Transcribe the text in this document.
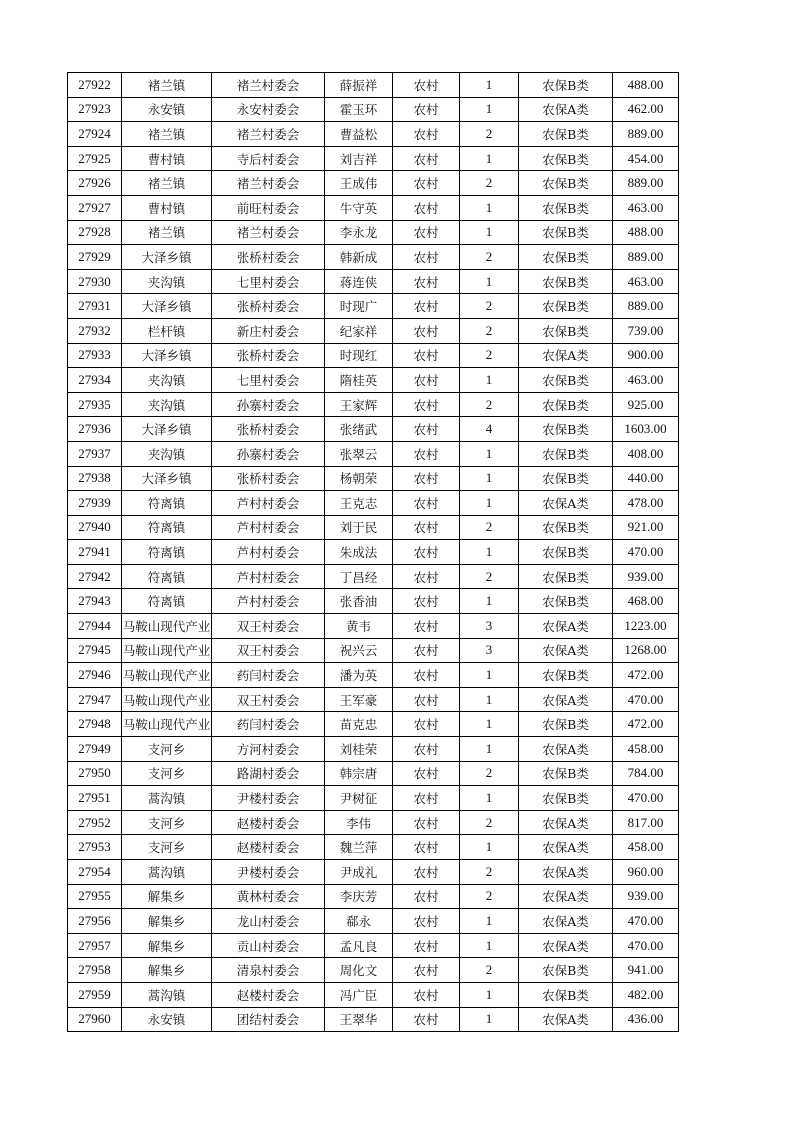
27922	褚兰镇	褚兰村委会	薛振祥	农村	1	农保B类	488.00

27923	永安镇	永安村委会	霍玉环	农村	1	农保A类	462.00

27924	褚兰镇	褚兰村委会	曹益松	农村	2	农保B类	889.00

27925	曹村镇	寺后村委会	刘吉祥	农村	1	农保B类	454.00

27926	褚兰镇	褚兰村委会	王成伟	农村	2	农保B类	889.00

27927	曹村镇	前旺村委会	牛守英	农村	1	农保B类	463.00

27928	褚兰镇	褚兰村委会	李永龙	农村	1	农保B类	488.00

27929	大泽乡镇	张桥村委会	韩新成	农村	2	农保B类	889.00

27930	夹沟镇	七里村委会	蒋连侠	农村	1	农保B类	463.00

27931	大泽乡镇	张桥村委会	时现广	农村	2	农保B类	889.00

27932	栏杆镇	新庄村委会	纪家祥	农村	2	农保B类	739.00

27933	大泽乡镇	张桥村委会	时现红	农村	2	农保A类	900.00

27934	夹沟镇	七里村委会	隋桂英	农村	1	农保B类	463.00

27935	夹沟镇	孙寨村委会	王家辉	农村	2	农保B类	925.00

27936	大泽乡镇	张桥村委会	张绪武	农村	4	农保B类	1603.00

27937	夹沟镇	孙寨村委会	张翠云	农村	1	农保B类	408.00

27938	大泽乡镇	张桥村委会	杨朝荣	农村	1	农保B类	440.00

27939	符离镇	芦村村委会	王克志	农村	1	农保A类	478.00

27940	符离镇	芦村村委会	刘于民	农村	2	农保B类	921.00

27941	符离镇	芦村村委会	朱成法	农村	1	农保B类	470.00

27942	符离镇	芦村村委会	丁昌经	农村	2	农保B类	939.00

27943	符离镇	芦村村委会	张香油	农村	1	农保B类	468.00

27944	马鞍山现代产业	双王村委会	黄韦	农村	3	农保A类	1223.00

27945	马鞍山现代产业	双王村委会	祝兴云	农村	3	农保A类	1268.00

27946	马鞍山现代产业	药闫村委会	潘为英	农村	1	农保B类	472.00

27947	马鞍山现代产业	双王村委会	王军豪	农村	1	农保A类	470.00

27948	马鞍山现代产业	药闫村委会	苗克忠	农村	1	农保B类	472.00

27949	支河乡	方河村委会	刘桂荣	农村	1	农保A类	458.00

27950	支河乡	路湖村委会	韩宗唐	农村	2	农保B类	784.00

27951	蒿沟镇	尹楼村委会	尹树征	农村	1	农保B类	470.00

27952	支河乡	赵楼村委会	李伟	农村	2	农保A类	817.00

27953	支河乡	赵楼村委会	魏兰萍	农村	1	农保A类	458.00

27954	蒿沟镇	尹楼村委会	尹成礼	农村	2	农保A类	960.00

27955	解集乡	黄林村委会	李庆芳	农村	2	农保A类	939.00

27956	解集乡	龙山村委会	郗永	农村	1	农保A类	470.00

27957	解集乡	贡山村委会	孟凡良	农村	1	农保A类	470.00

27958	解集乡	清泉村委会	周化文	农村	2	农保B类	941.00

27959	蒿沟镇	赵楼村委会	冯广臣	农村	1	农保B类	482.00

27960	永安镇	团结村委会	王翠华	农村	1	农保A类	436.00
